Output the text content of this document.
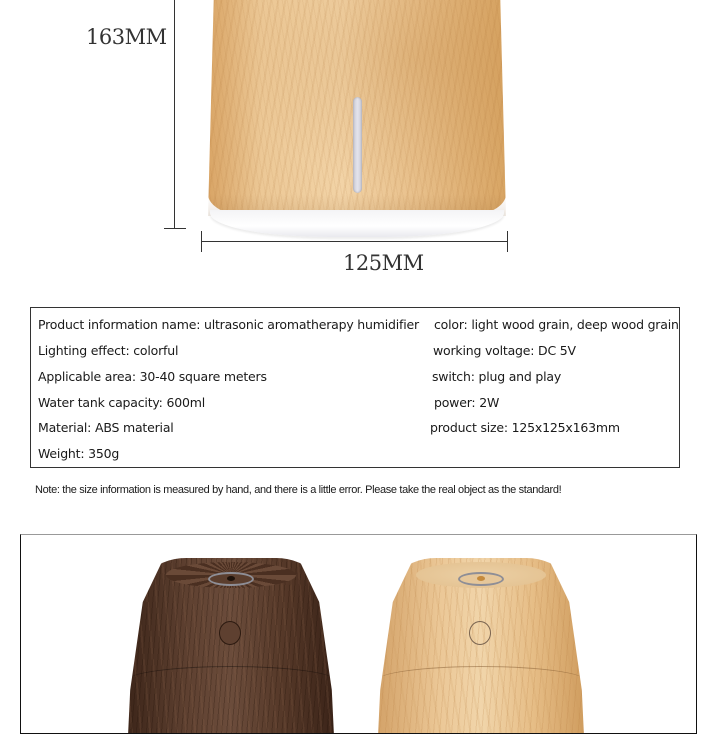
163MM
125MM
Product information name: ultrasonic aromatherapy humidifier
Lighting effect: colorful
Applicable area: 30-40 square meters
Water tank capacity: 600ml
Material: ABS material
Weight: 350g
color: light wood grain, deep wood grain
working voltage: DC 5V
switch: plug and play
power: 2W
product size: 125x125x163mm
Note: the size information is measured by hand, and there is a little error. Please take the real object as the standard!
